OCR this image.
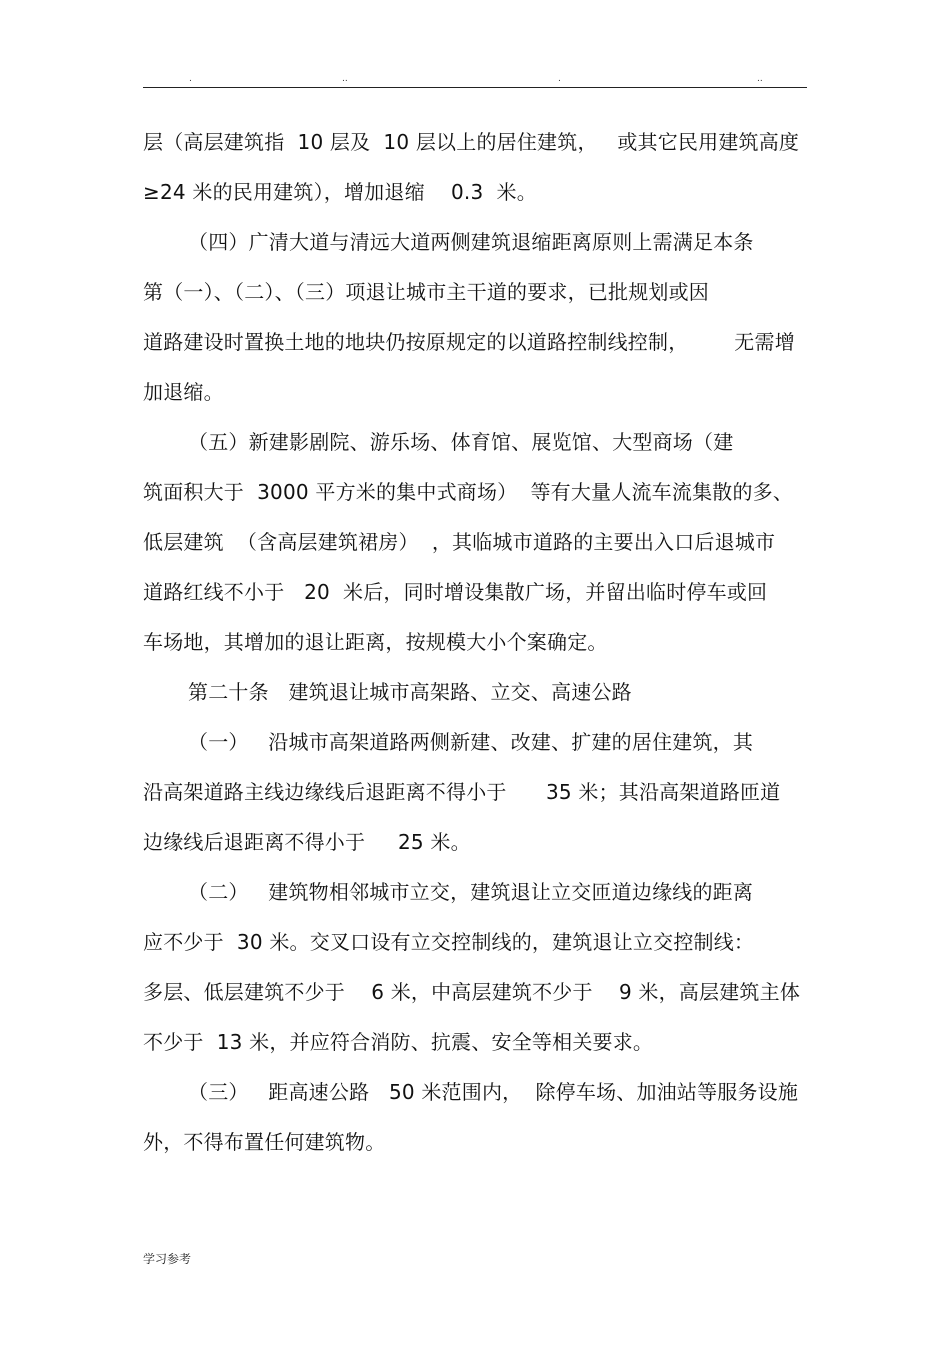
.	..	.	..
层（高层建筑指  10 层及  10 层以上的居住建筑，   或其它民用建筑高度
≥24 米的民用建筑），增加退缩    0.3  米。
（四）广清大道与清远大道两侧建筑退缩距离原则上需满足本条
第（一）、（二）、（三）项退让城市主干道的要求，已批规划或因
道路建设时置换土地的地块仍按原规定的以道路控制线控制，       无需增
加退缩。
（五）新建影剧院、游乐场、体育馆、展览馆、大型商场（建
筑面积大于  3000 平方米的集中式商场）  等有大量人流车流集散的多、
低层建筑  （含高层建筑裙房）  ，其临城市道路的主要出入口后退城市
道路红线不小于   20  米后，同时增设集散广场，并留出临时停车或回
车场地，其增加的退让距离，按规模大小个案确定。
第二十条   建筑退让城市高架路、立交、高速公路
（一）   沿城市高架道路两侧新建、改建、扩建的居住建筑，其
沿高架道路主线边缘线后退距离不得小于      35 米；其沿高架道路匝道
边缘线后退距离不得小于     25 米。
（二）   建筑物相邻城市立交，建筑退让立交匝道边缘线的距离
应不少于  30 米。交叉口设有立交控制线的，建筑退让立交控制线：
多层、低层建筑不少于    6 米，中高层建筑不少于    9 米，高层建筑主体
不少于  13 米，并应符合消防、抗震、安全等相关要求。
（三）   距高速公路   50 米范围内，  除停车场、加油站等服务设施
外，不得布置任何建筑物。
学习参考
